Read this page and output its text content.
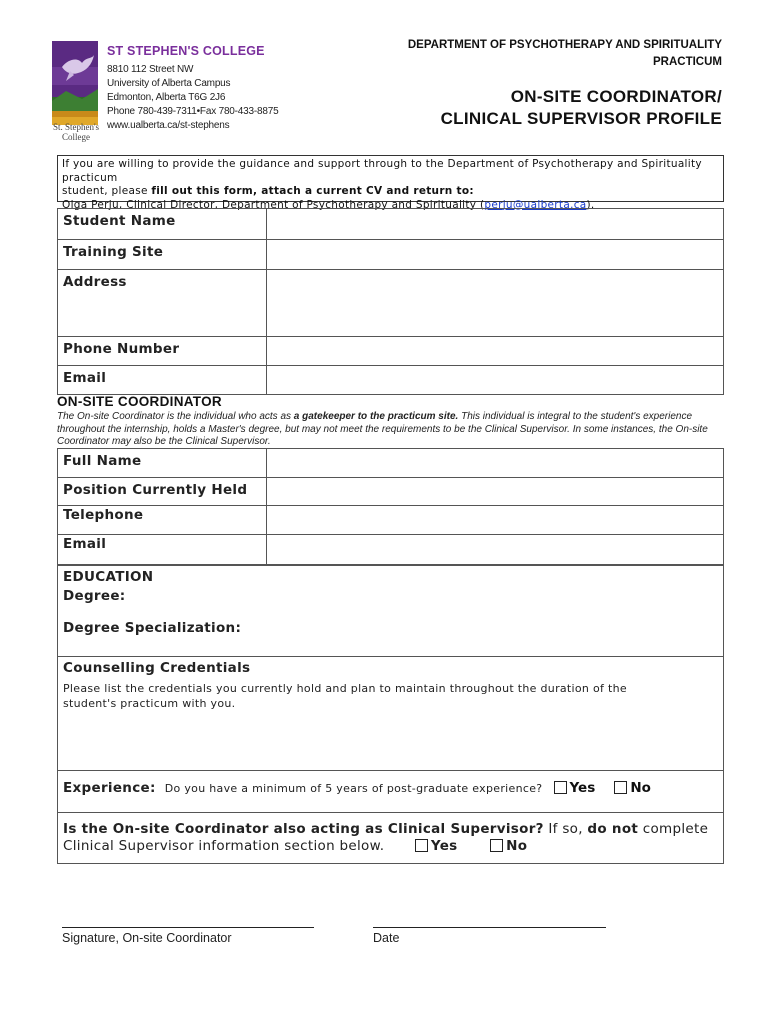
St. Stephen's College
ST STEPHEN'S COLLEGE
8810 112 Street NW
University of Alberta Campus
Edmonton, Alberta T6G 2J6
Phone 780-439-7311•Fax 780-433-8875
www.ualberta.ca/st-stephens
DEPARTMENT OF PSYCHOTHERAPY AND SPIRITUALITY
PRACTICUM
ON-SITE COORDINATOR/
CLINICAL SUPERVISOR PROFILE
If you are willing to provide the guidance and support through to the Department of Psychotherapy and Spirituality practicum
student, please fill out this form, attach a current CV and return to:
Olga Perju, Clinical Director, Department of Psychotherapy and Spirituality (perju@ualberta.ca).
Student Name
Training Site
Address
Phone Number
Email
ON-SITE COORDINATOR
The On-site Coordinator is the individual who acts as a gatekeeper to the practicum site. This individual is integral to the student's experience throughout the internship, holds a Master's degree, but may not meet the requirements to be the Clinical Supervisor. In some instances, the On-site Coordinator may also be the Clinical Supervisor.
Full Name
Position Currently Held
Telephone
Email
EDUCATION
Degree:
Degree Specialization:
Counselling Credentials
Please list the credentials you currently hold and plan to maintain throughout the duration of the student's practicum with you.
Experience: Do you have a minimum of 5 years of post-graduate experience? Yes	No
Is the On-site Coordinator also acting as Clinical Supervisor? If so, do not complete
Clinical Supervisor information section below.	Yes	No
Signature, On-site Coordinator	Date
